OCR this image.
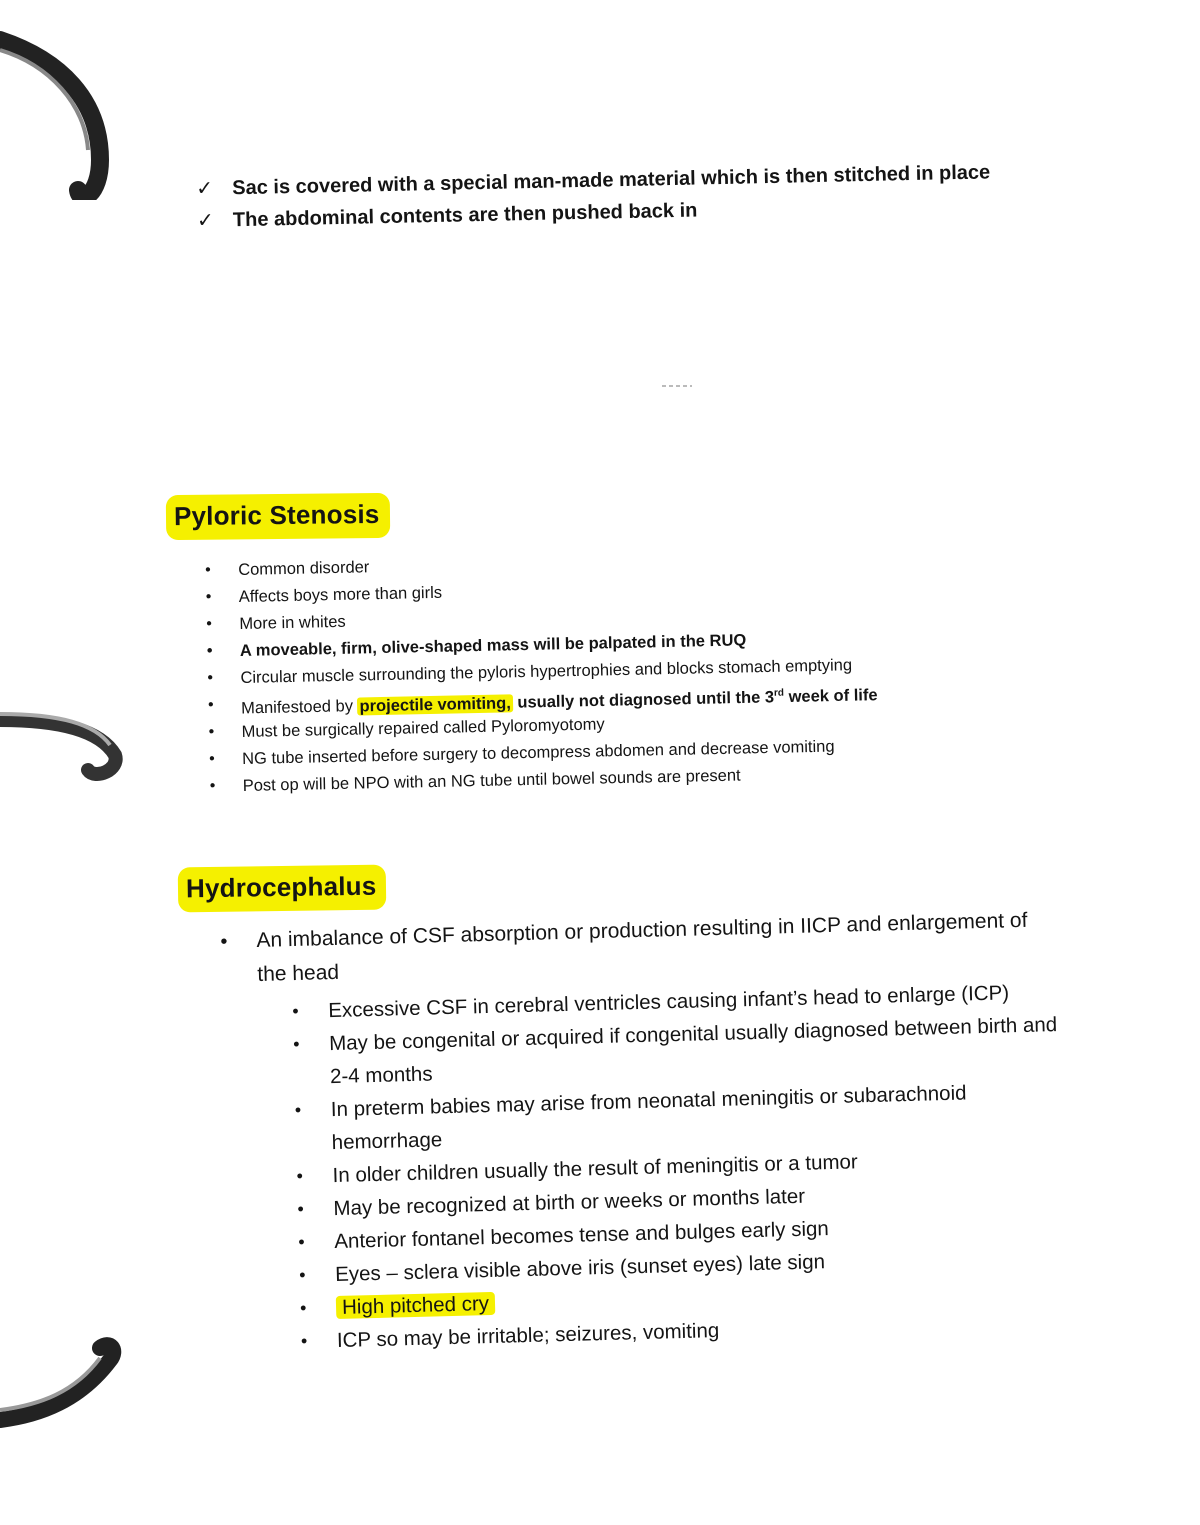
✓ Sac is covered with a special man-made material which is then stitched in place
✓ The abdominal contents are then pushed back in
Pyloric Stenosis
• Common disorder
• Affects boys more than girls
• More in whites
• A moveable, firm, olive-shaped mass will be palpated in the RUQ
• Circular muscle surrounding the pyloris hypertrophies and blocks stomach emptying
• Manifestoed by projectile vomiting, usually not diagnosed until the 3rd week of life
• Must be surgically repaired called Pyloromyotomy
• NG tube inserted before surgery to decompress abdomen and decrease vomiting
• Post op will be NPO with an NG tube until bowel sounds are present
Hydrocephalus
• An imbalance of CSF absorption or production resulting in IICP and enlargement of the head
• Excessive CSF in cerebral ventricles causing infant’s head to enlarge (ICP)
• May be congenital or acquired if congenital usually diagnosed between birth and 2-4 months
• In preterm babies may arise from neonatal meningitis or subarachnoid hemorrhage
• In older children usually the result of meningitis or a tumor
• May be recognized at birth or weeks or months later
• Anterior fontanel becomes tense and bulges early sign
• Eyes – sclera visible above iris (sunset eyes) late sign
• High pitched cry
• ICP so may be irritable; seizures, vomiting
